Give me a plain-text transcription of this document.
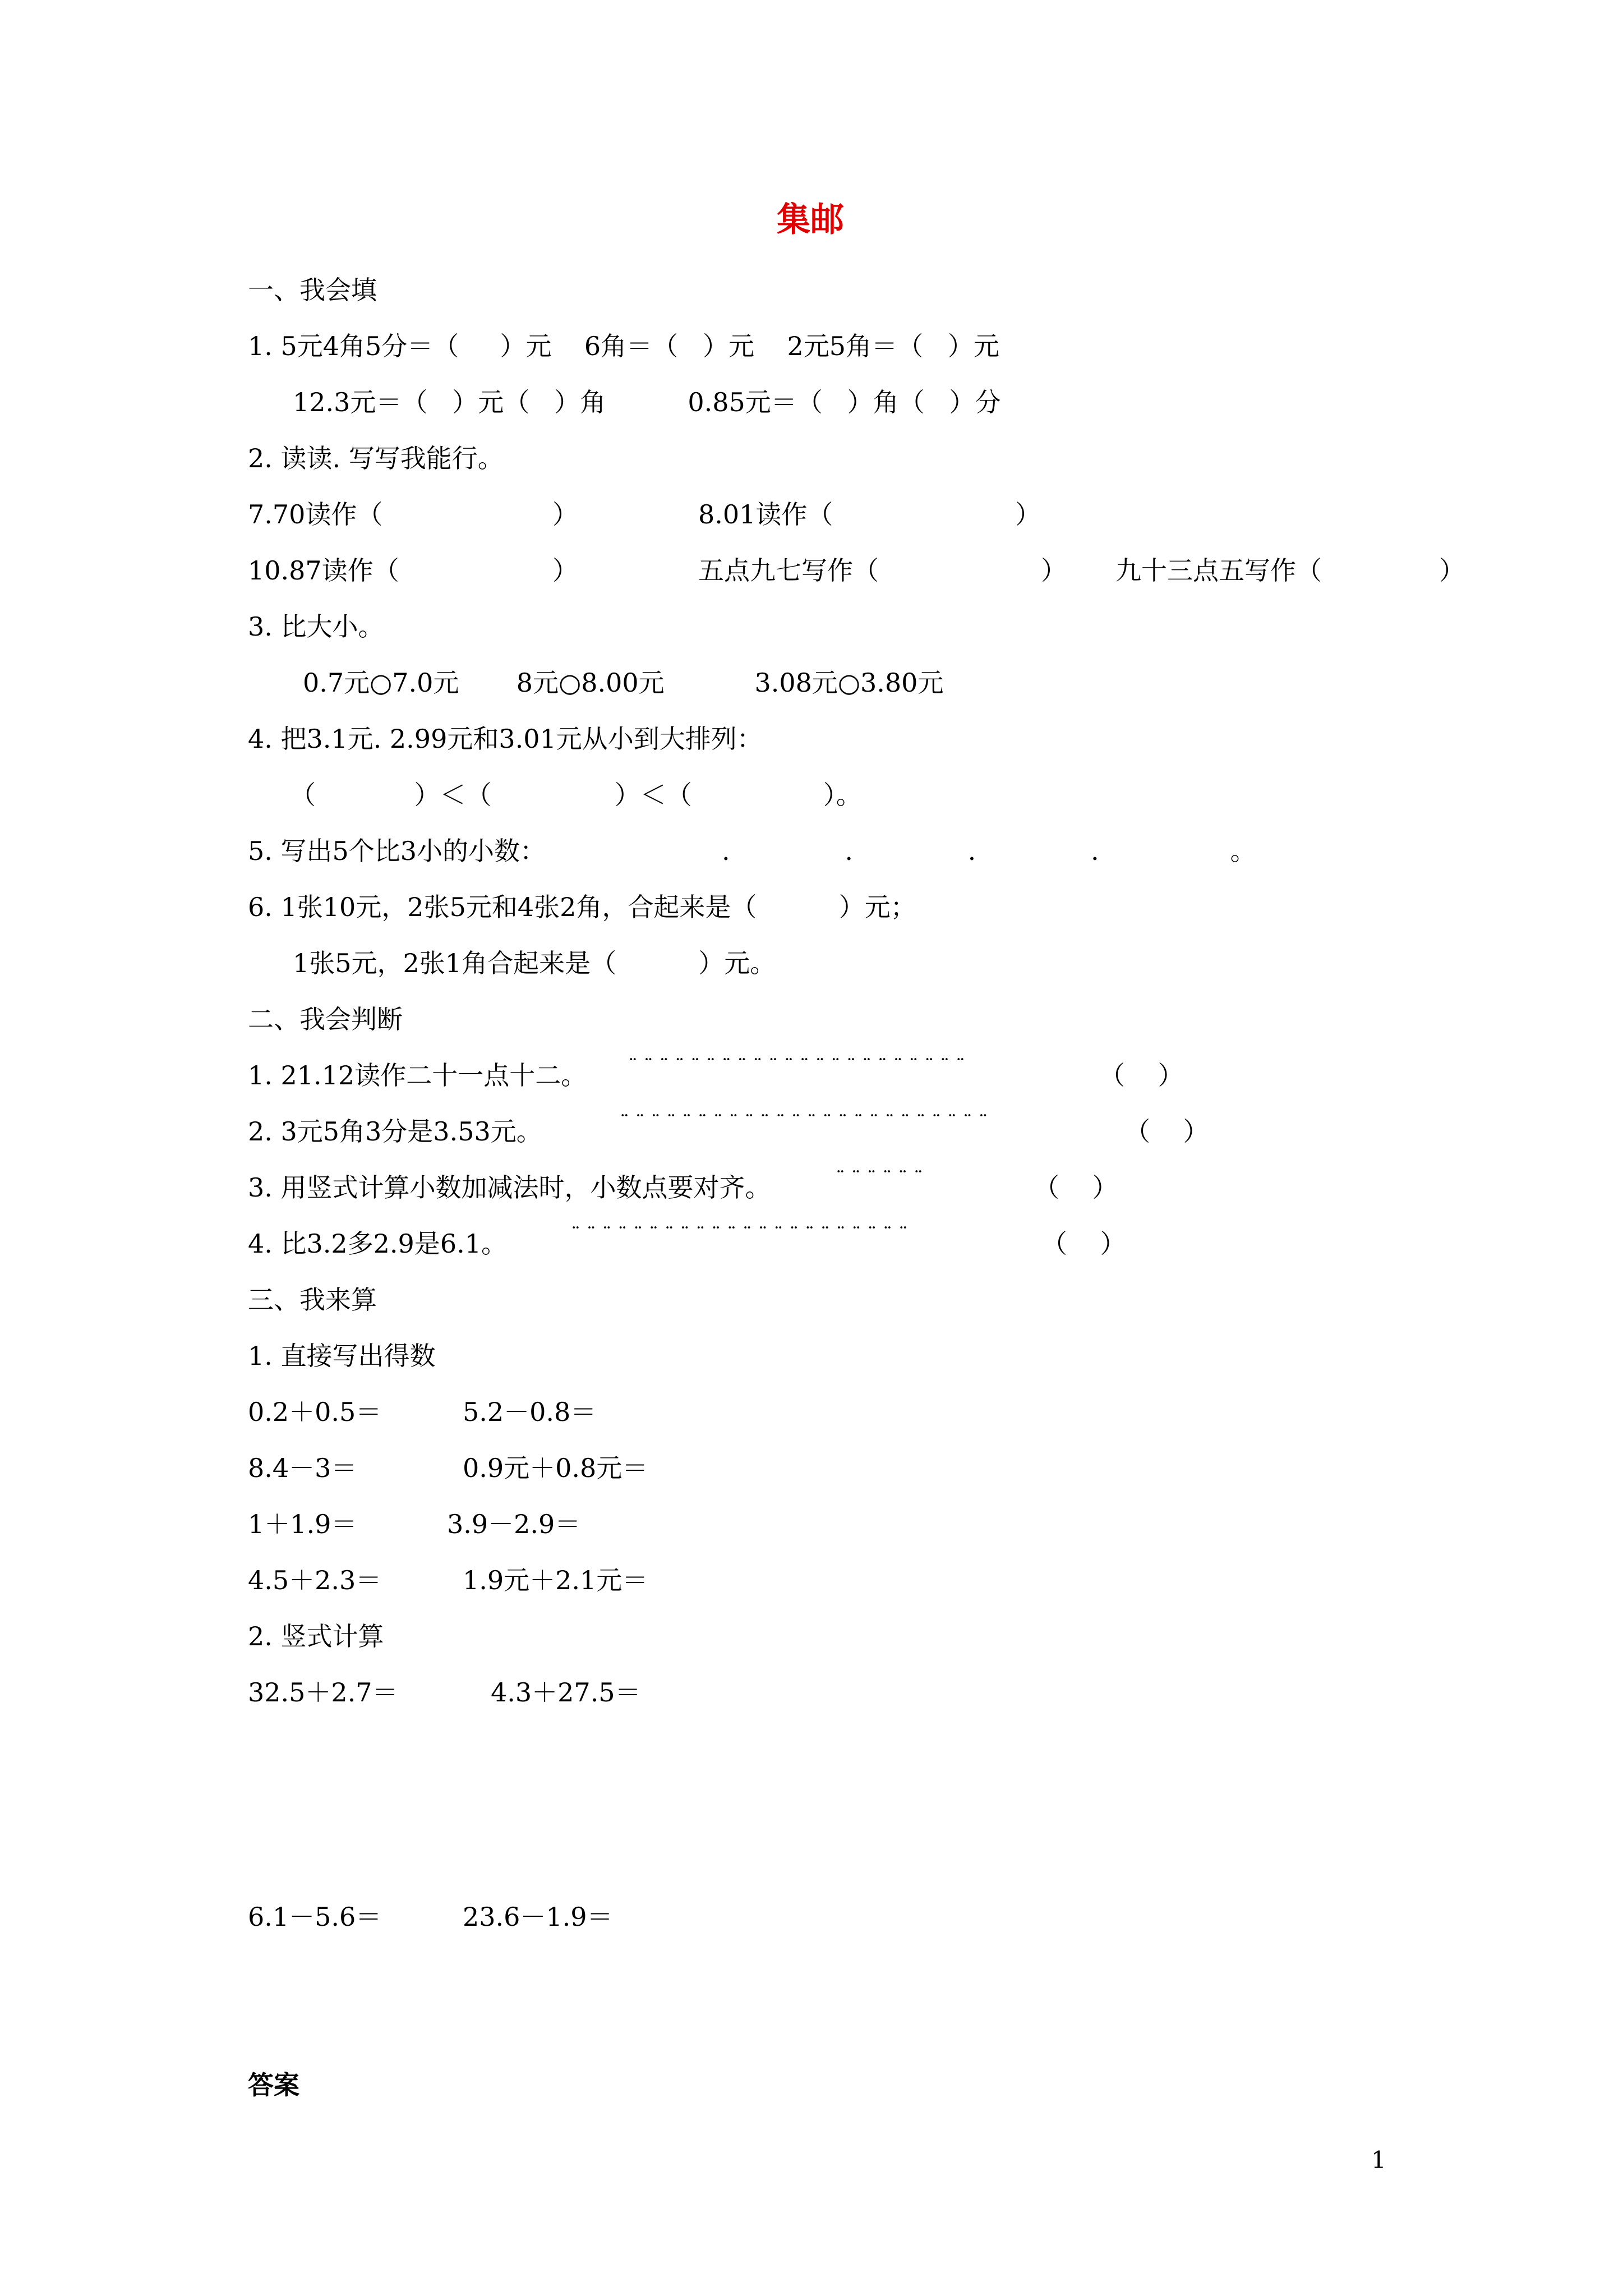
集邮
一、我会填
1. 5元4角5分＝（     ）元    6角＝（   ）元    2元5角＝（   ）元
12.3元＝（   ）元（   ）角          0.85元＝（   ）角（   ）分
2. 读读. 写写我能行。
7.70读作（	）	8.01读作（	）
10.87读作（	）	五点九七写作（	） 九十三点五写作（	）
3. 比大小。
0.7元○7.0元       8元○8.00元           3.08元○3.80元
4. 把3.1元. 2.99元和3.01元从小到大排列：
（            ）＜（               ）＜（                ）。
5. 写出5个比3小的小数：	.              .              .              .                。
6. 1张10元，2张5元和4张2角，合起来是（          ）元；
1张5元，2张1角合起来是（          ）元。
二、我会判断
1. 21.12读作二十一点十二。 ¨ ¨ ¨ ¨ ¨ ¨ ¨ ¨ ¨ ¨ ¨ ¨ ¨ ¨ ¨ ¨ ¨ ¨ ¨ ¨ ¨ ¨	（    ）
2. 3元5角3分是3.53元。	¨ ¨ ¨ ¨ ¨ ¨ ¨ ¨ ¨ ¨ ¨ ¨ ¨ ¨ ¨ ¨ ¨ ¨ ¨ ¨ ¨ ¨ ¨ ¨	（    ）
3. 用竖式计算小数加减法时，小数点要对齐。	¨ ¨ ¨ ¨ ¨ ¨	（    ）
4. 比3.2多2.9是6.1。	¨ ¨ ¨ ¨ ¨ ¨ ¨ ¨ ¨ ¨ ¨ ¨ ¨ ¨ ¨ ¨ ¨ ¨ ¨ ¨ ¨ ¨	（    ）
三、我来算
1. 直接写出得数
0.2＋0.5＝	5.2－0.8＝
8.4－3＝	0.9元＋0.8元＝
1＋1.9＝	3.9－2.9＝
4.5＋2.3＝	1.9元＋2.1元＝
2. 竖式计算
32.5＋2.7＝	4.3＋27.5＝
6.1－5.6＝	23.6－1.9＝
答案
1
